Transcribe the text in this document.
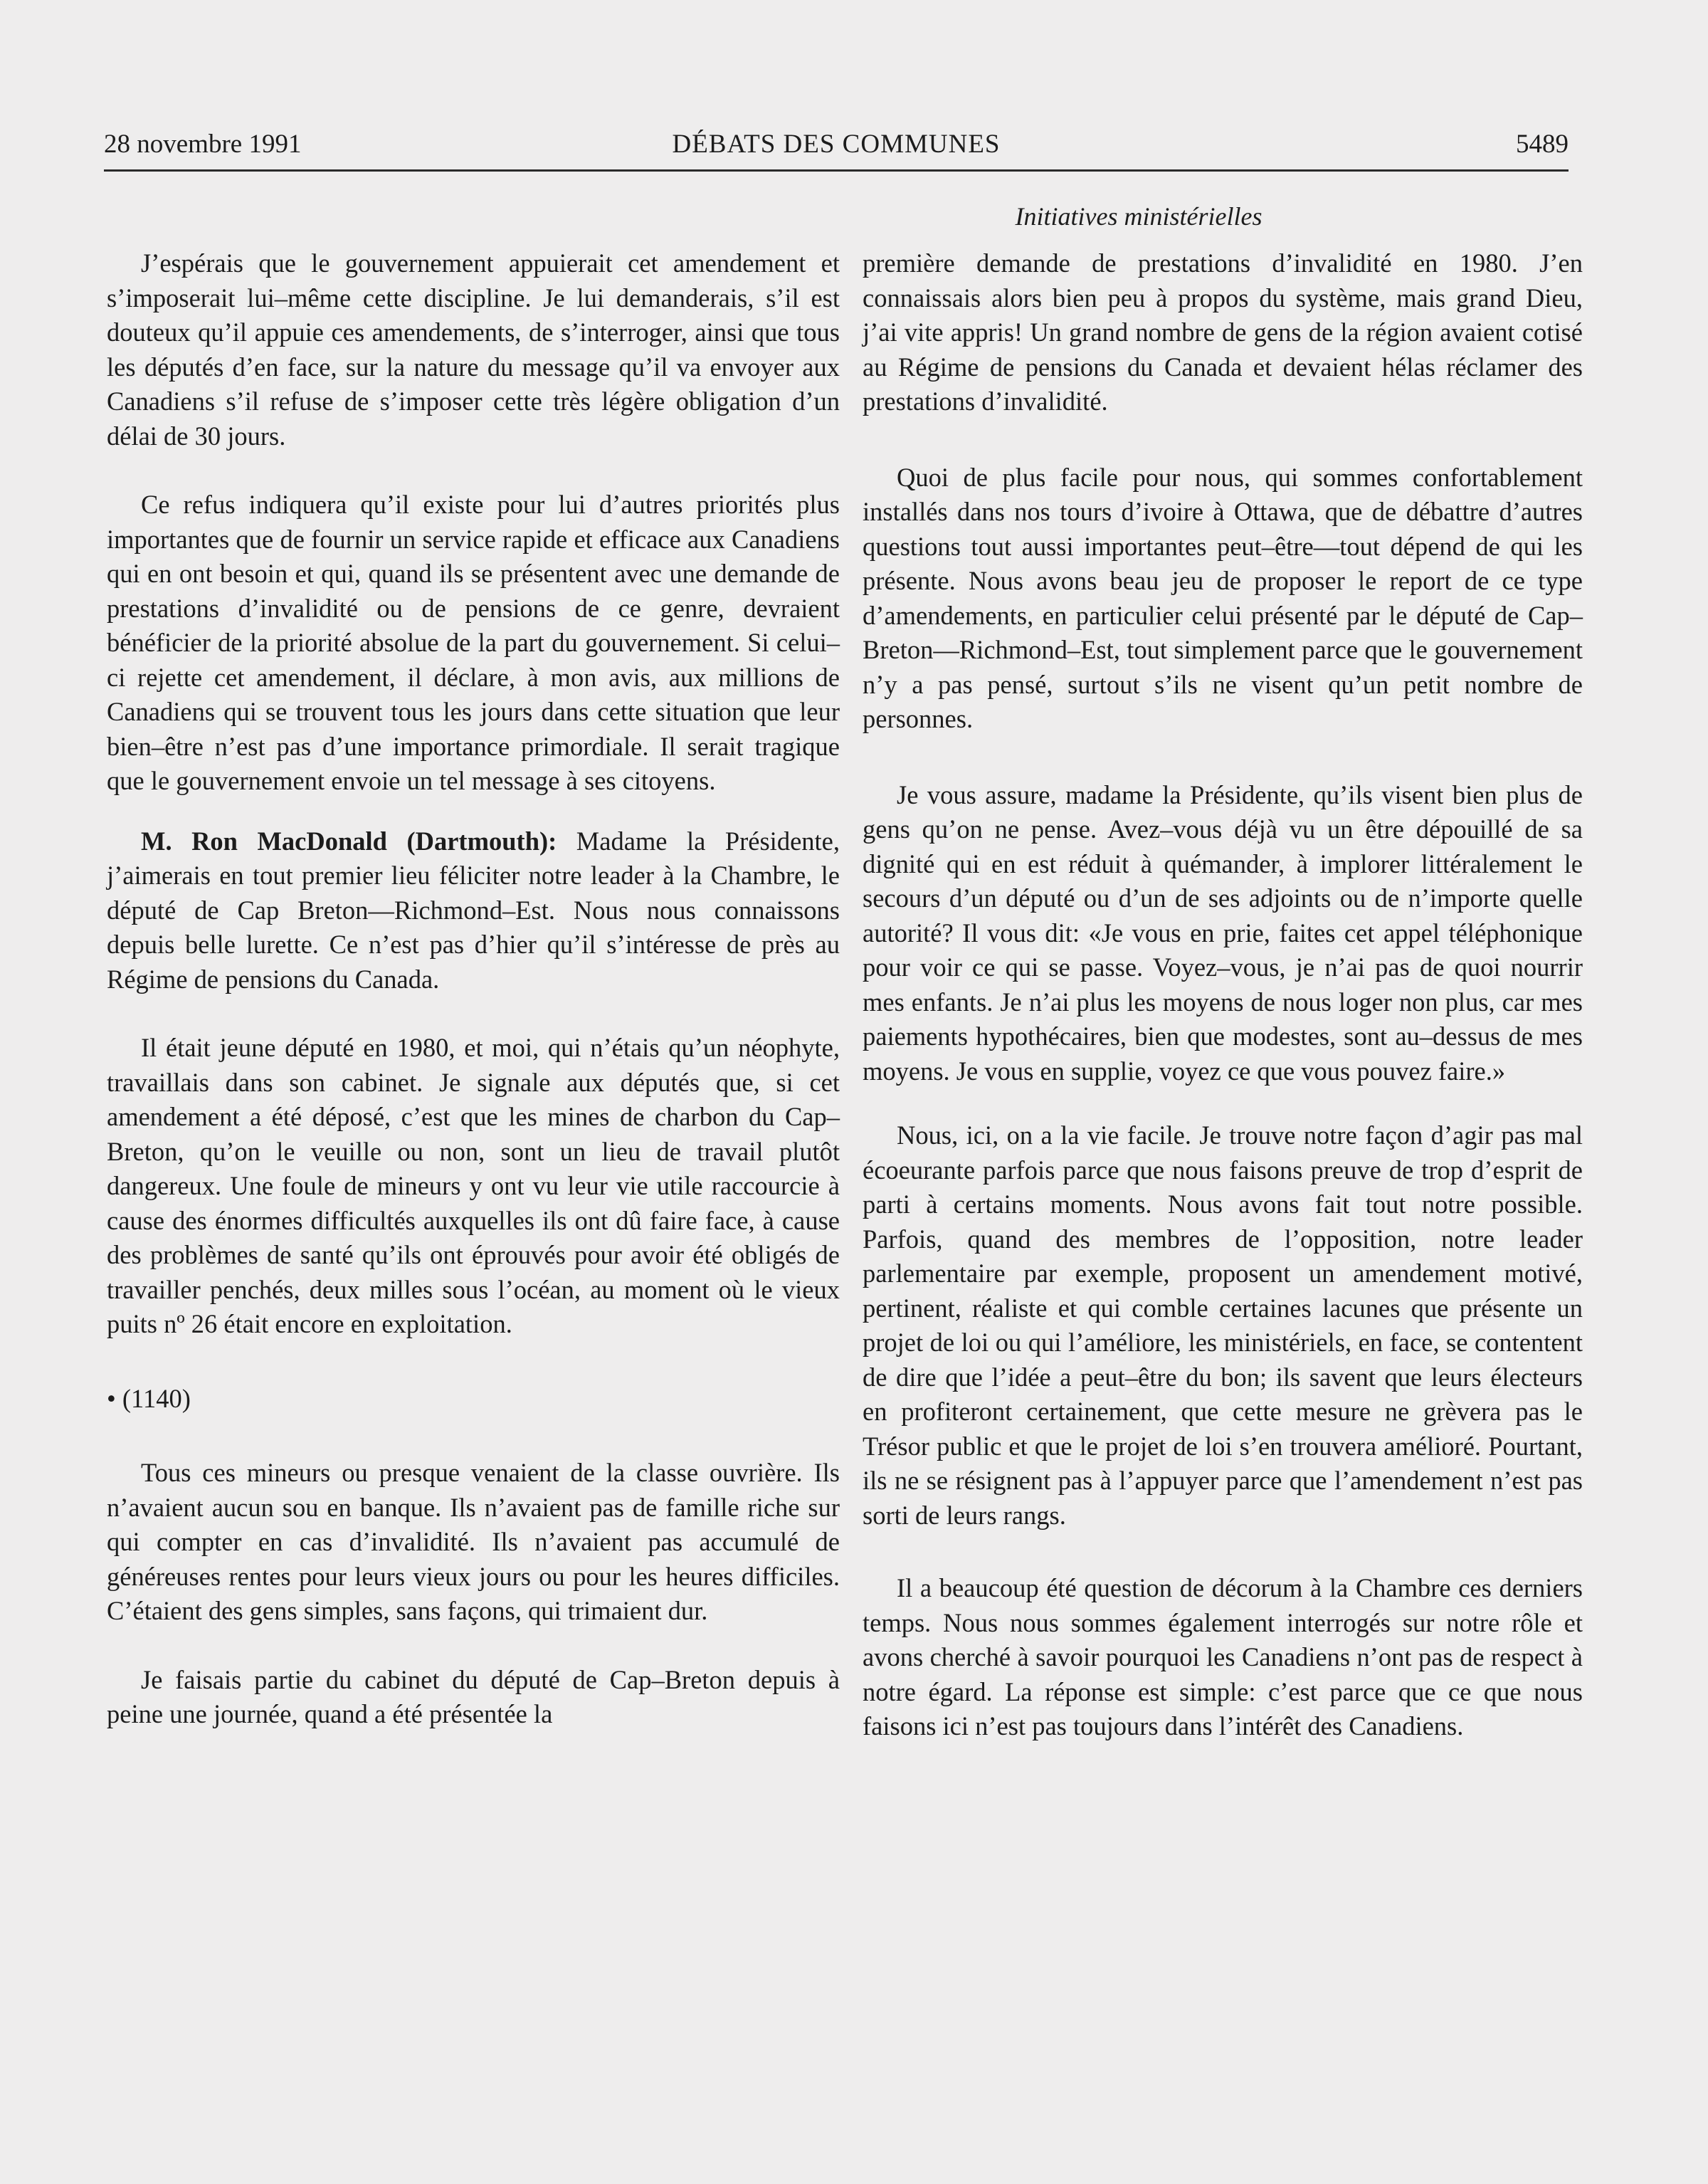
28 novembre 1991	DÉBATS DES COMMUNES	5489
Initiatives ministérielles

J’espérais que le gouvernement appuierait cet amendement et s’imposerait lui–même cette discipline. Je lui demanderais, s’il est douteux qu’il appuie ces amendements, de s’interroger, ainsi que tous les députés d’en face, sur la nature du message qu’il va envoyer aux Canadiens s’il refuse de s’imposer cette très légère obligation d’un délai de 30 jours.

Ce refus indiquera qu’il existe pour lui d’autres priorités plus importantes que de fournir un service rapide et efficace aux Canadiens qui en ont besoin et qui, quand ils se présentent avec une demande de prestations d’invalidité ou de pensions de ce genre, devraient bénéficier de la priorité absolue de la part du gouvernement. Si celui–ci rejette cet amendement, il déclare, à mon avis, aux millions de Canadiens qui se trouvent tous les jours dans cette situation que leur bien–être n’est pas d’une importance primordiale. Il serait tragique que le gouvernement envoie un tel message à ses citoyens.

M. Ron MacDonald (Dartmouth): Madame la Présidente, j’aimerais en tout premier lieu féliciter notre leader à la Chambre, le député de Cap Breton—Richmond–Est. Nous nous connaissons depuis belle lurette. Ce n’est pas d’hier qu’il s’intéresse de près au Régime de pensions du Canada.

Il était jeune député en 1980, et moi, qui n’étais qu’un néophyte, travaillais dans son cabinet. Je signale aux députés que, si cet amendement a été déposé, c’est que les mines de charbon du Cap–Breton, qu’on le veuille ou non, sont un lieu de travail plutôt dangereux. Une foule de mineurs y ont vu leur vie utile raccourcie à cause des énormes difficultés auxquelles ils ont dû faire face, à cause des problèmes de santé qu’ils ont éprouvés pour avoir été obligés de travailler penchés, deux milles sous l’océan, au moment où le vieux puits nº 26 était encore en exploitation.

• (1140)

Tous ces mineurs ou presque venaient de la classe ouvrière. Ils n’avaient aucun sou en banque. Ils n’avaient pas de famille riche sur qui compter en cas d’invalidité. Ils n’avaient pas accumulé de généreuses rentes pour leurs vieux jours ou pour les heures difficiles. C’étaient des gens simples, sans façons, qui trimaient dur.

Je faisais partie du cabinet du député de Cap–Breton depuis à peine une journée, quand a été présentée la

première demande de prestations d’invalidité en 1980. J’en connaissais alors bien peu à propos du système, mais grand Dieu, j’ai vite appris! Un grand nombre de gens de la région avaient cotisé au Régime de pensions du Canada et devaient hélas réclamer des prestations d’invalidité.

Quoi de plus facile pour nous, qui sommes confortablement installés dans nos tours d’ivoire à Ottawa, que de débattre d’autres questions tout aussi importantes peut–être—tout dépend de qui les présente. Nous avons beau jeu de proposer le report de ce type d’amendements, en particulier celui présenté par le député de Cap–Breton—Richmond–Est, tout simplement parce que le gouvernement n’y a pas pensé, surtout s’ils ne visent qu’un petit nombre de personnes.

Je vous assure, madame la Présidente, qu’ils visent bien plus de gens qu’on ne pense. Avez–vous déjà vu un être dépouillé de sa dignité qui en est réduit à quémander, à implorer littéralement le secours d’un député ou d’un de ses adjoints ou de n’importe quelle autorité? Il vous dit: «Je vous en prie, faites cet appel téléphonique pour voir ce qui se passe. Voyez–vous, je n’ai pas de quoi nourrir mes enfants. Je n’ai plus les moyens de nous loger non plus, car mes paiements hypothécaires, bien que modestes, sont au–dessus de mes moyens. Je vous en supplie, voyez ce que vous pouvez faire.»

Nous, ici, on a la vie facile. Je trouve notre façon d’agir pas mal écoeurante parfois parce que nous faisons preuve de trop d’esprit de parti à certains moments. Nous avons fait tout notre possible. Parfois, quand des membres de l’opposition, notre leader parlementaire par exemple, proposent un amendement motivé, pertinent, réaliste et qui comble certaines lacunes que présente un projet de loi ou qui l’améliore, les ministériels, en face, se contentent de dire que l’idée a peut–être du bon; ils savent que leurs électeurs en profiteront certainement, que cette mesure ne grèvera pas le Trésor public et que le projet de loi s’en trouvera amélioré. Pourtant, ils ne se résignent pas à l’appuyer parce que l’amendement n’est pas sorti de leurs rangs.

Il a beaucoup été question de décorum à la Chambre ces derniers temps. Nous nous sommes également interrogés sur notre rôle et avons cherché à savoir pourquoi les Canadiens n’ont pas de respect à notre égard. La réponse est simple: c’est parce que ce que nous faisons ici n’est pas toujours dans l’intérêt des Canadiens.
